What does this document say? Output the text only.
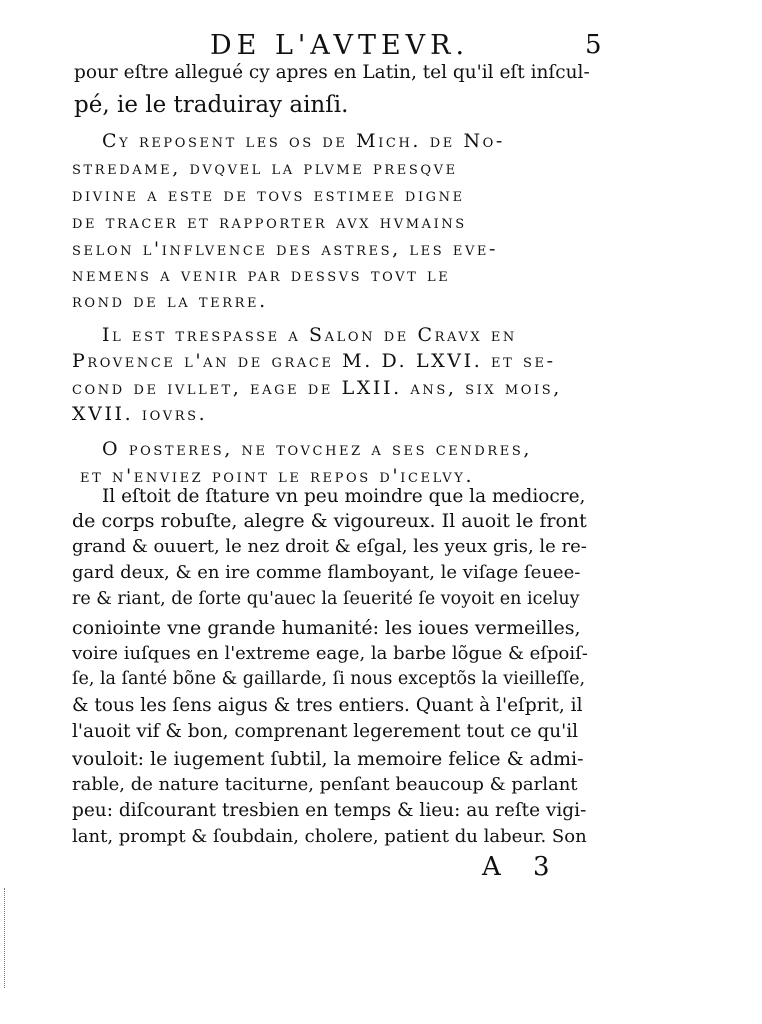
DE L'AVTEVR.	5
pour eſtre allegué cy apres en Latin, tel qu'il eſt inſcul-
pé, ie le traduiray ainſi.
Cy reposent les os de Mich. de No-
stredame, dvqvel la plvme presqve
divine a este de tovs estimee digne
de tracer et rapporter avx hvmains
selon l'inflvence des astres, les eve-
nemens a venir par dessvs tovt le
rond de la terre.
Il est trespasse a Salon de Cravx en
Provence l'an de grace M. D. LXVI. et se-
cond de ivllet, eage de LXII. ans, six mois,
XVII. iovrs.
O posteres, ne tovchez a ses cendres,
et n'enviez point le repos d'icelvy.
Il eſtoit de ſtature vn peu moindre que la mediocre,
de corps robuſte, alegre & vigoureux. Il auoit le front
grand & ouuert, le nez droit & eſgal, les yeux gris, le re-
gard deux, & en ire comme flamboyant, le viſage ſeuee-
re & riant, de ſorte qu'auec la ſeuerité ſe voyoit en iceluy
coniointe vne grande humanité: les ioues vermeilles,
voire iuſques en l'extreme eage, la barbe lõgue & eſpoiſ-
ſe, la ſanté bõne & gaillarde, ſi nous exceptõs la vieilleſſe,
& tous les ſens aigus & tres entiers. Quant à l'eſprit, il
l'auoit vif & bon, comprenant legerement tout ce qu'il
vouloit: le iugement ſubtil, la memoire felice & admi-
rable, de nature taciturne, penſant beaucoup & parlant
peu: diſcourant tresbien en temps & lieu: au reſte vigi-
lant, prompt & ſoubdain, cholere, patient du labeur. Son
A 3
